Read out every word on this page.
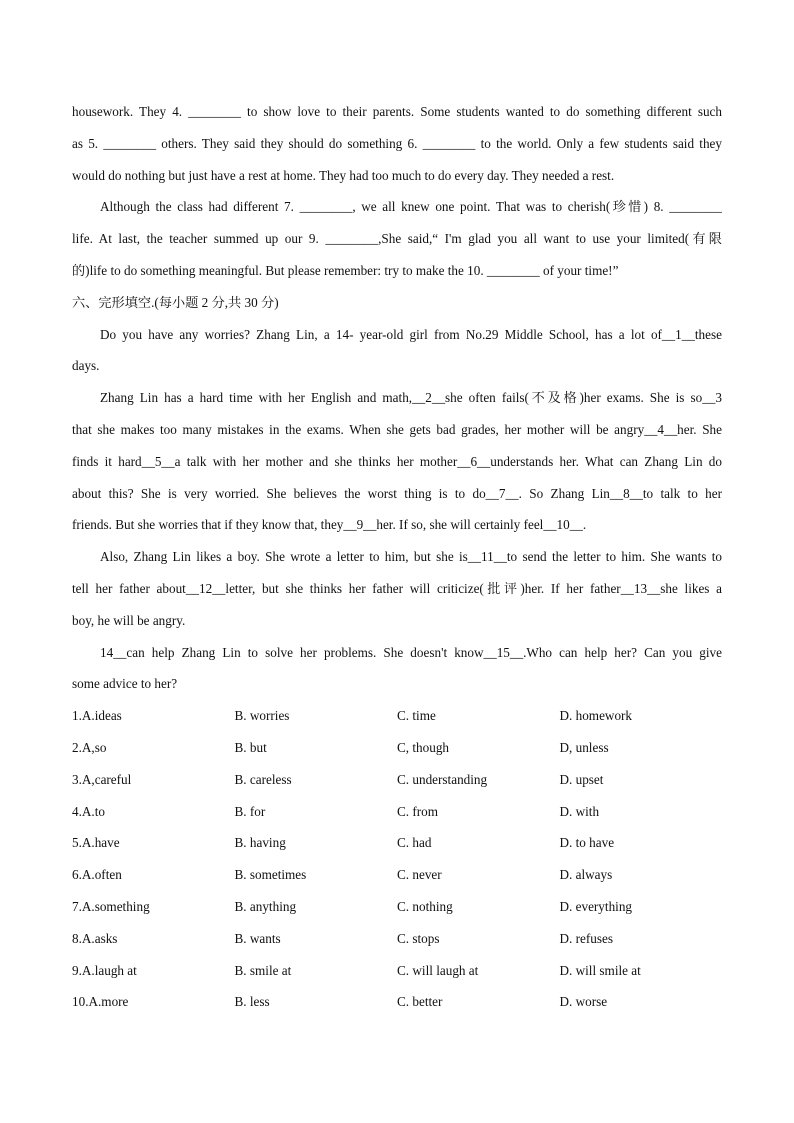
housework. They 4. ________ to show love to their parents. Some students wanted to do something different such
as 5. ________ others. They said they should do something 6. ________ to the world. Only a few students said they
would do nothing but just have a rest at home. They had too much to do every day. They needed a rest.
Although the class had different 7. ________, we all knew one point. That was to cherish(珍惜) 8. ________
life. At last, the teacher summed up our 9. ________,She said,“ I'm glad you all want to use your limited(有限
的)life to do something meaningful. But please remember: try to make the 10. ________ of your time!”
六、完形填空.(每小题 2 分,共 30 分)
Do you have any worries? Zhang Lin, a 14- year-old girl from No.29 Middle School, has a lot of__1__these
days.
Zhang Lin has a hard time with her English and math,__2__she often fails(不及格)her exams. She is so__3
that she makes too many mistakes in the exams. When she gets bad grades, her mother will be angry__4__her. She
finds it hard__5__a talk with her mother and she thinks her mother__6__understands her. What can Zhang Lin do
about this? She is very worried. She believes the worst thing is to do__7__. So Zhang Lin__8__to talk to her
friends. But she worries that if they know that, they__9__her. If so, she will certainly feel__10__.
Also, Zhang Lin likes a boy. She wrote a letter to him, but she is__11__to send the letter to him. She wants to
tell her father about__12__letter, but she thinks her father will criticize(批评)her. If her father__13__she likes a
boy, he will be angry.
14__can help Zhang Lin to solve her problems. She doesn't know__15__.Who can help her? Can you give
some advice to her?
1.A.ideas	B. worries	C. time	D. homework
2.A,so	B. but	C, though	D, unless
3.A,careful	B. careless	C. understanding	D. upset
4.A.to	B. for	C. from	D. with
5.A.have	B. having	C. had	D. to have
6.A.often	B. sometimes	C. never	D. always
7.A.something	B. anything	C. nothing	D. everything
8.A.asks	B. wants	C. stops	D. refuses
9.A.laugh at	B. smile at	C. will laugh at	D. will smile at
10.A.more	B. less	C. better	D. worse
